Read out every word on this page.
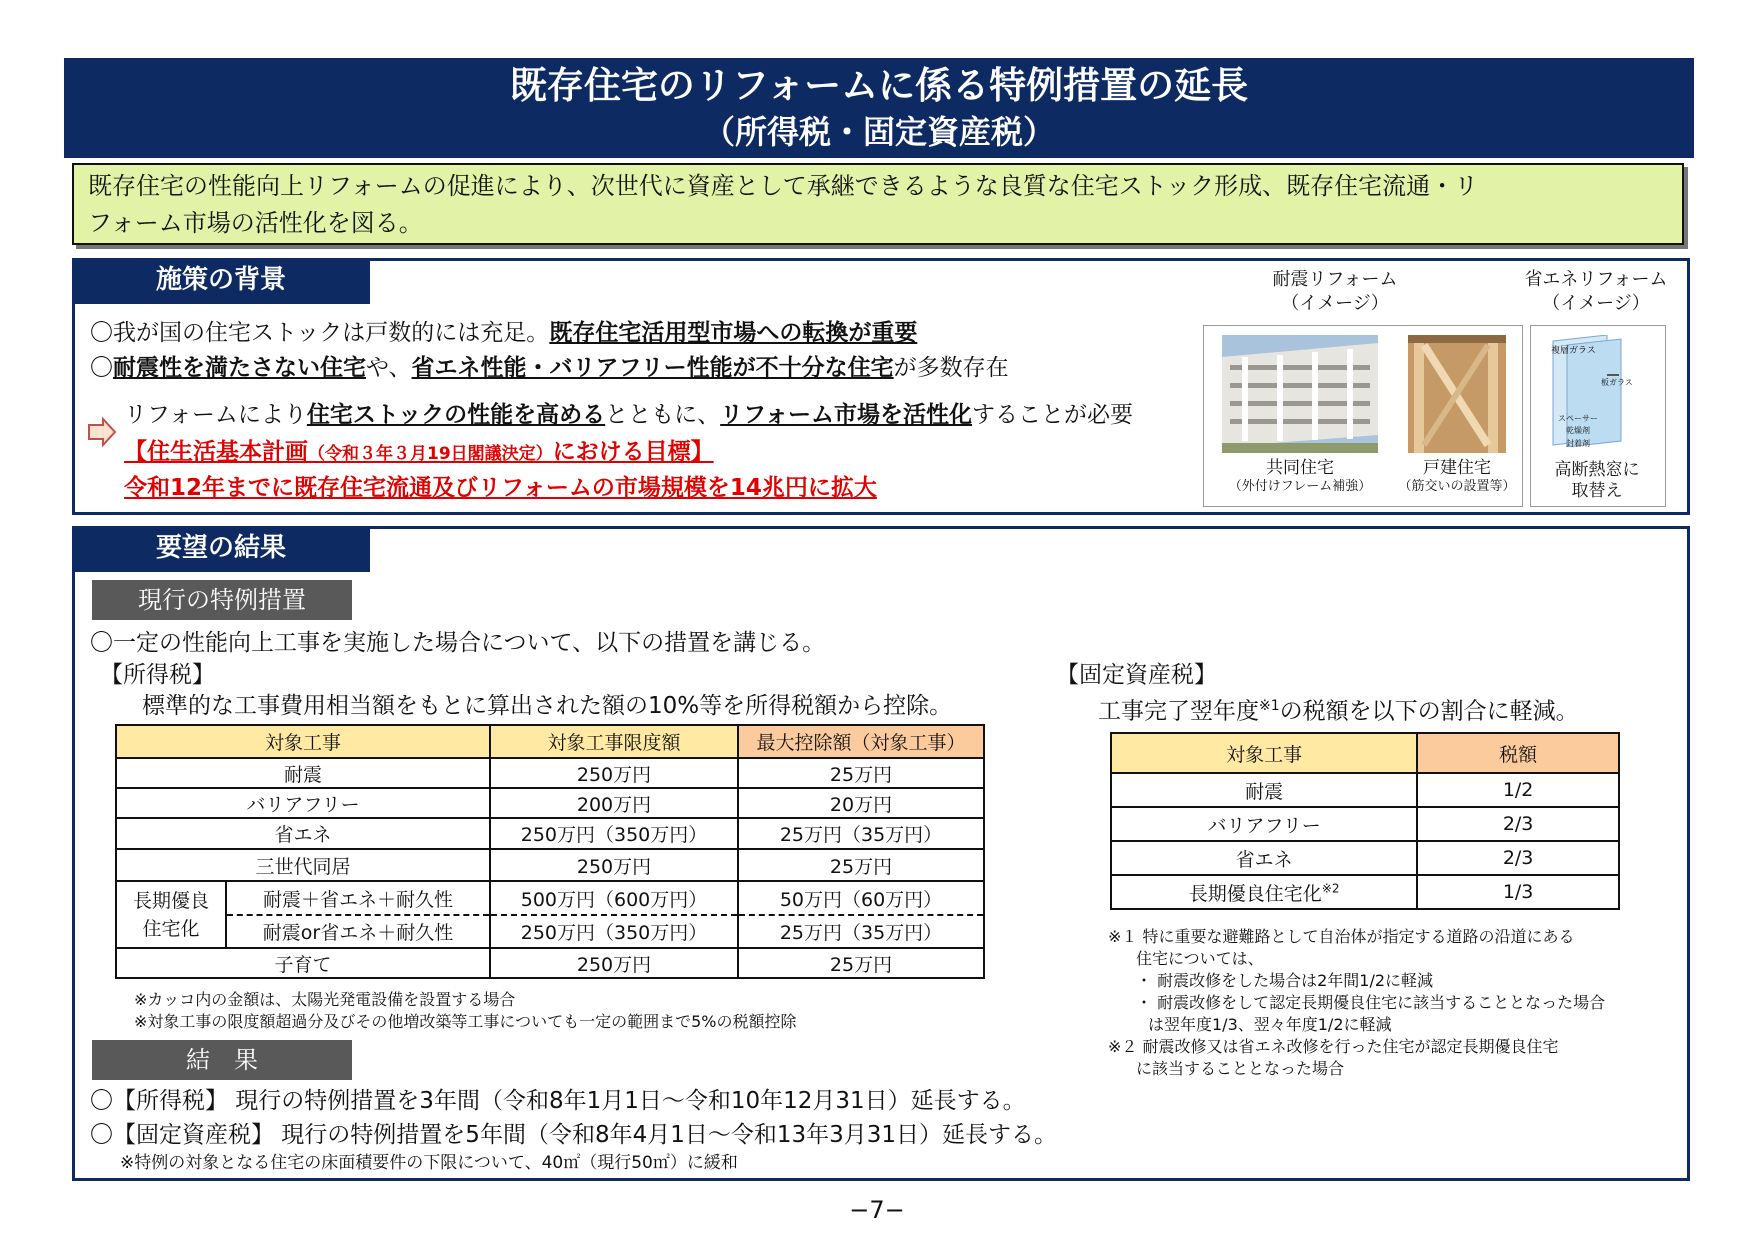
既存住宅のリフォームに係る特例措置の延長
（所得税・固定資産税）
既存住宅の性能向上リフォームの促進により、次世代に資産として承継できるような良質な住宅ストック形成、既存住宅流通・リ
フォーム市場の活性化を図る。
施策の背景
〇我が国の住宅ストックは戸数的には充足。既存住宅活用型市場への転換が重要
〇耐震性を満たさない住宅や、省エネ性能・バリアフリー性能が不十分な住宅が多数存在
リフォームにより住宅ストックの性能を高めるとともに、リフォーム市場を活性化することが必要
【住生活基本計画（令和３年３月19日閣議決定）における目標】
令和12年までに既存住宅流通及びリフォームの市場規模を14兆円に拡大
耐震リフォーム
（イメージ）
省エネリフォーム
（イメージ）
共同住宅
（外付けフレーム補強）
戸建住宅
（筋交いの設置等）
複層ガラス
板ガラス
スペーサー
乾燥剤
封着剤
高断熱窓に
取替え
要望の結果
現行の特例措置
〇一定の性能向上工事を実施した場合について、以下の措置を講じる。
【所得税】
標準的な工事費用相当額をもとに算出された額の10%等を所得税額から控除。
【固定資産税】
工事完了翌年度$^{※1}$の税額を以下の割合に軽減。
対象工事		対象工事限度額	最大控除額（対象工事）
耐震		250万円	25万円
バリアフリー		200万円	20万円
省エネ		250万円（350万円）	25万円（35万円）
三世代同居		250万円	25万円

長期優良
住宅化	耐震＋省エネ＋耐久性	500万円（600万円）	50万円（60万円）
	耐震or省エネ＋耐久性	250万円（350万円）	25万円（35万円）
子育て		250万円	25万円
※カッコ内の金額は、太陽光発電設備を設置する場合
※対象工事の限度額超過分及びその他増改築等工事についても一定の範囲まで5%の税額控除
対象工事	税額
耐震	1/2
バリアフリー	2/3
省エネ	2/3
長期優良住宅化$^{※2}$	1/3
※１ 特に重要な避難路として自治体が指定する道路の沿道にある
住宅については、
・ 耐震改修をした場合は2年間1/2に軽減
・ 耐震改修をして認定長期優良住宅に該当することとなった場合
は翌年度1/3、翌々年度1/2に軽減
※２ 耐震改修又は省エネ改修を行った住宅が認定長期優良住宅
に該当することとなった場合
結　果
〇【所得税】 現行の特例措置を3年間（令和8年1月1日～令和10年12月31日）延長する。
〇【固定資産税】 現行の特例措置を5年間（令和8年4月1日～令和13年3月31日）延長する。
※特例の対象となる住宅の床面積要件の下限について、40㎡（現行50㎡）に緩和
−7−
